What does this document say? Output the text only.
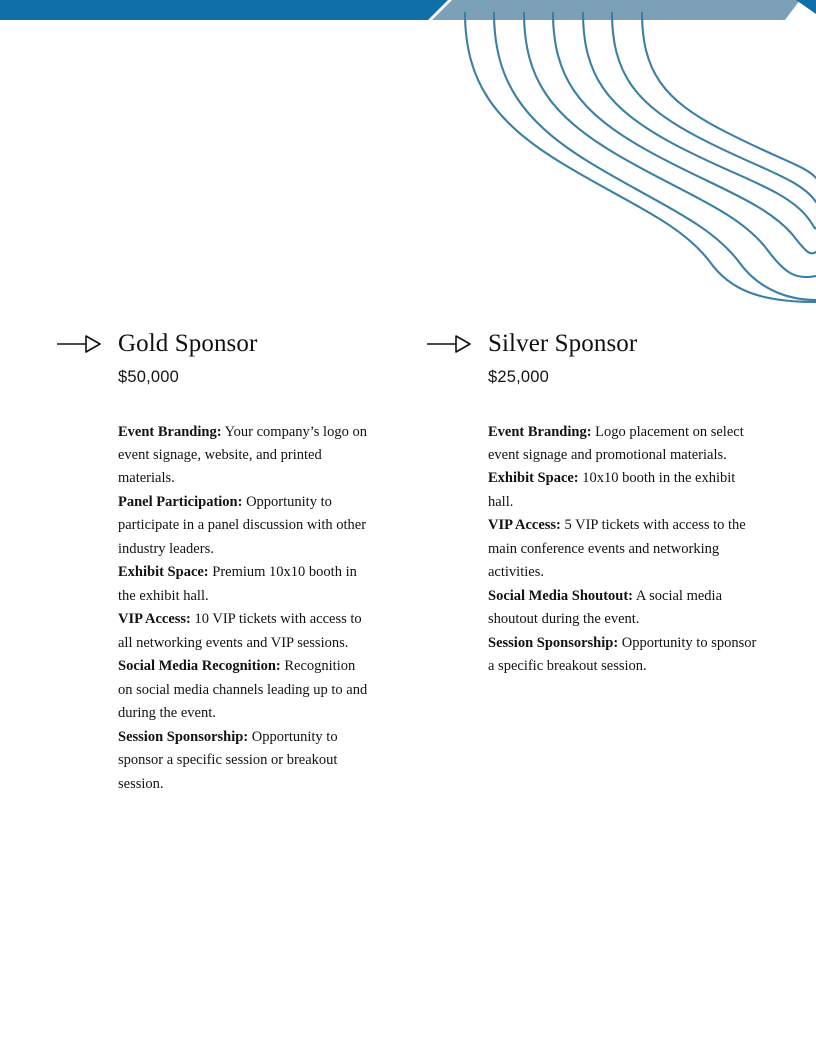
Gold Sponsor
$50,000
Event Branding: Your company’s logo on event signage, website, and printed materials.
Panel Participation: Opportunity to participate in a panel discussion with other industry leaders.
Exhibit Space: Premium 10x10 booth in the exhibit hall.
VIP Access: 10 VIP tickets with access to all networking events and VIP sessions.
Social Media Recognition: Recognition on social media channels leading up to and during the event.
Session Sponsorship: Opportunity to sponsor a specific session or breakout session.
Silver Sponsor
$25,000
Event Branding: Logo placement on select event signage and promotional materials.
Exhibit Space: 10x10 booth in the exhibit hall.
VIP Access: 5 VIP tickets with access to the main conference events and networking activities.
Social Media Shoutout: A social media shoutout during the event.
Session Sponsorship: Opportunity to sponsor a specific breakout session.
